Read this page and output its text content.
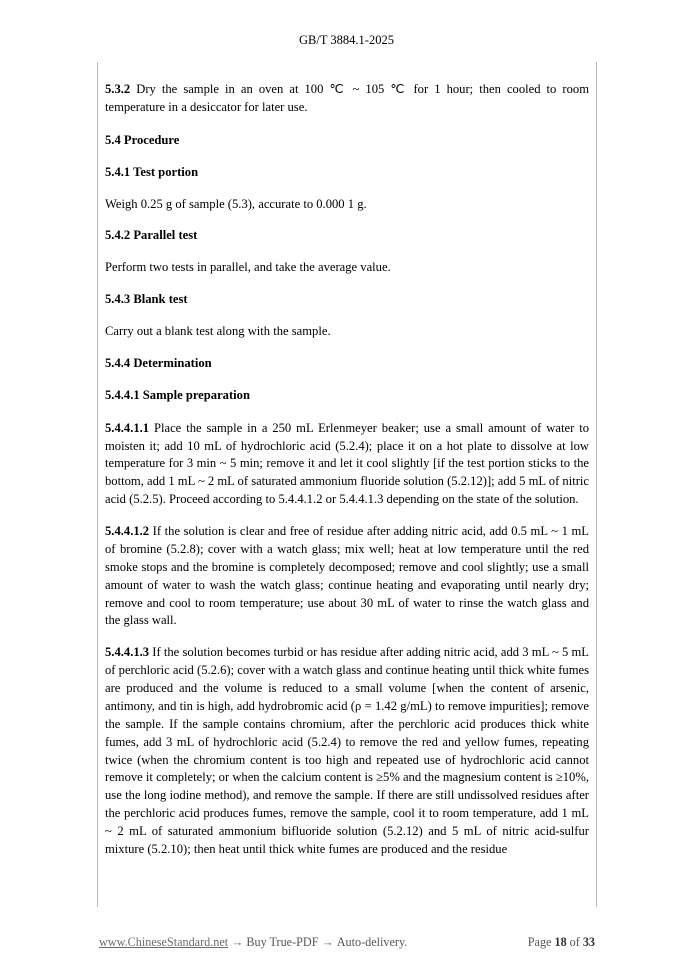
GB/T 3884.1-2025

5.3.2 Dry the sample in an oven at 100 ℃ ~ 105 ℃ for 1 hour; then cooled to room temperature in a desiccator for later use.

5.4 Procedure

5.4.1 Test portion

Weigh 0.25 g of sample (5.3), accurate to 0.000 1 g.

5.4.2 Parallel test

Perform two tests in parallel, and take the average value.

5.4.3 Blank test

Carry out a blank test along with the sample.

5.4.4 Determination

5.4.4.1 Sample preparation

5.4.4.1.1 Place the sample in a 250 mL Erlenmeyer beaker; use a small amount of water to moisten it; add 10 mL of hydrochloric acid (5.2.4); place it on a hot plate to dissolve at low temperature for 3 min ~ 5 min; remove it and let it cool slightly [if the test portion sticks to the bottom, add 1 mL ~ 2 mL of saturated ammonium fluoride solution (5.2.12)]; add 5 mL of nitric acid (5.2.5). Proceed according to 5.4.4.1.2 or 5.4.4.1.3 depending on the state of the solution.

5.4.4.1.2 If the solution is clear and free of residue after adding nitric acid, add 0.5 mL ~ 1 mL of bromine (5.2.8); cover with a watch glass; mix well; heat at low temperature until the red smoke stops and the bromine is completely decomposed; remove and cool slightly; use a small amount of water to wash the watch glass; continue heating and evaporating until nearly dry; remove and cool to room temperature; use about 30 mL of water to rinse the watch glass and the glass wall.

5.4.4.1.3 If the solution becomes turbid or has residue after adding nitric acid, add 3 mL ~ 5 mL of perchloric acid (5.2.6); cover with a watch glass and continue heating until thick white fumes are produced and the volume is reduced to a small volume [when the content of arsenic, antimony, and tin is high, add hydrobromic acid (ρ = 1.42 g/mL) to remove impurities]; remove the sample. If the sample contains chromium, after the perchloric acid produces thick white fumes, add 3 mL of hydrochloric acid (5.2.4) to remove the red and yellow fumes, repeating twice (when the chromium content is too high and repeated use of hydrochloric acid cannot remove it completely; or when the calcium content is ≥5% and the magnesium content is ≥10%, use the long iodine method), and remove the sample. If there are still undissolved residues after the perchloric acid produces fumes, remove the sample, cool it to room temperature, add 1 mL ~ 2 mL of saturated ammonium bifluoride solution (5.2.12) and 5 mL of nitric acid-sulfur mixture (5.2.10); then heat until thick white fumes are produced and the residue

www.ChineseStandard.net → Buy True-PDF → Auto-delivery.	Page 18 of 33
